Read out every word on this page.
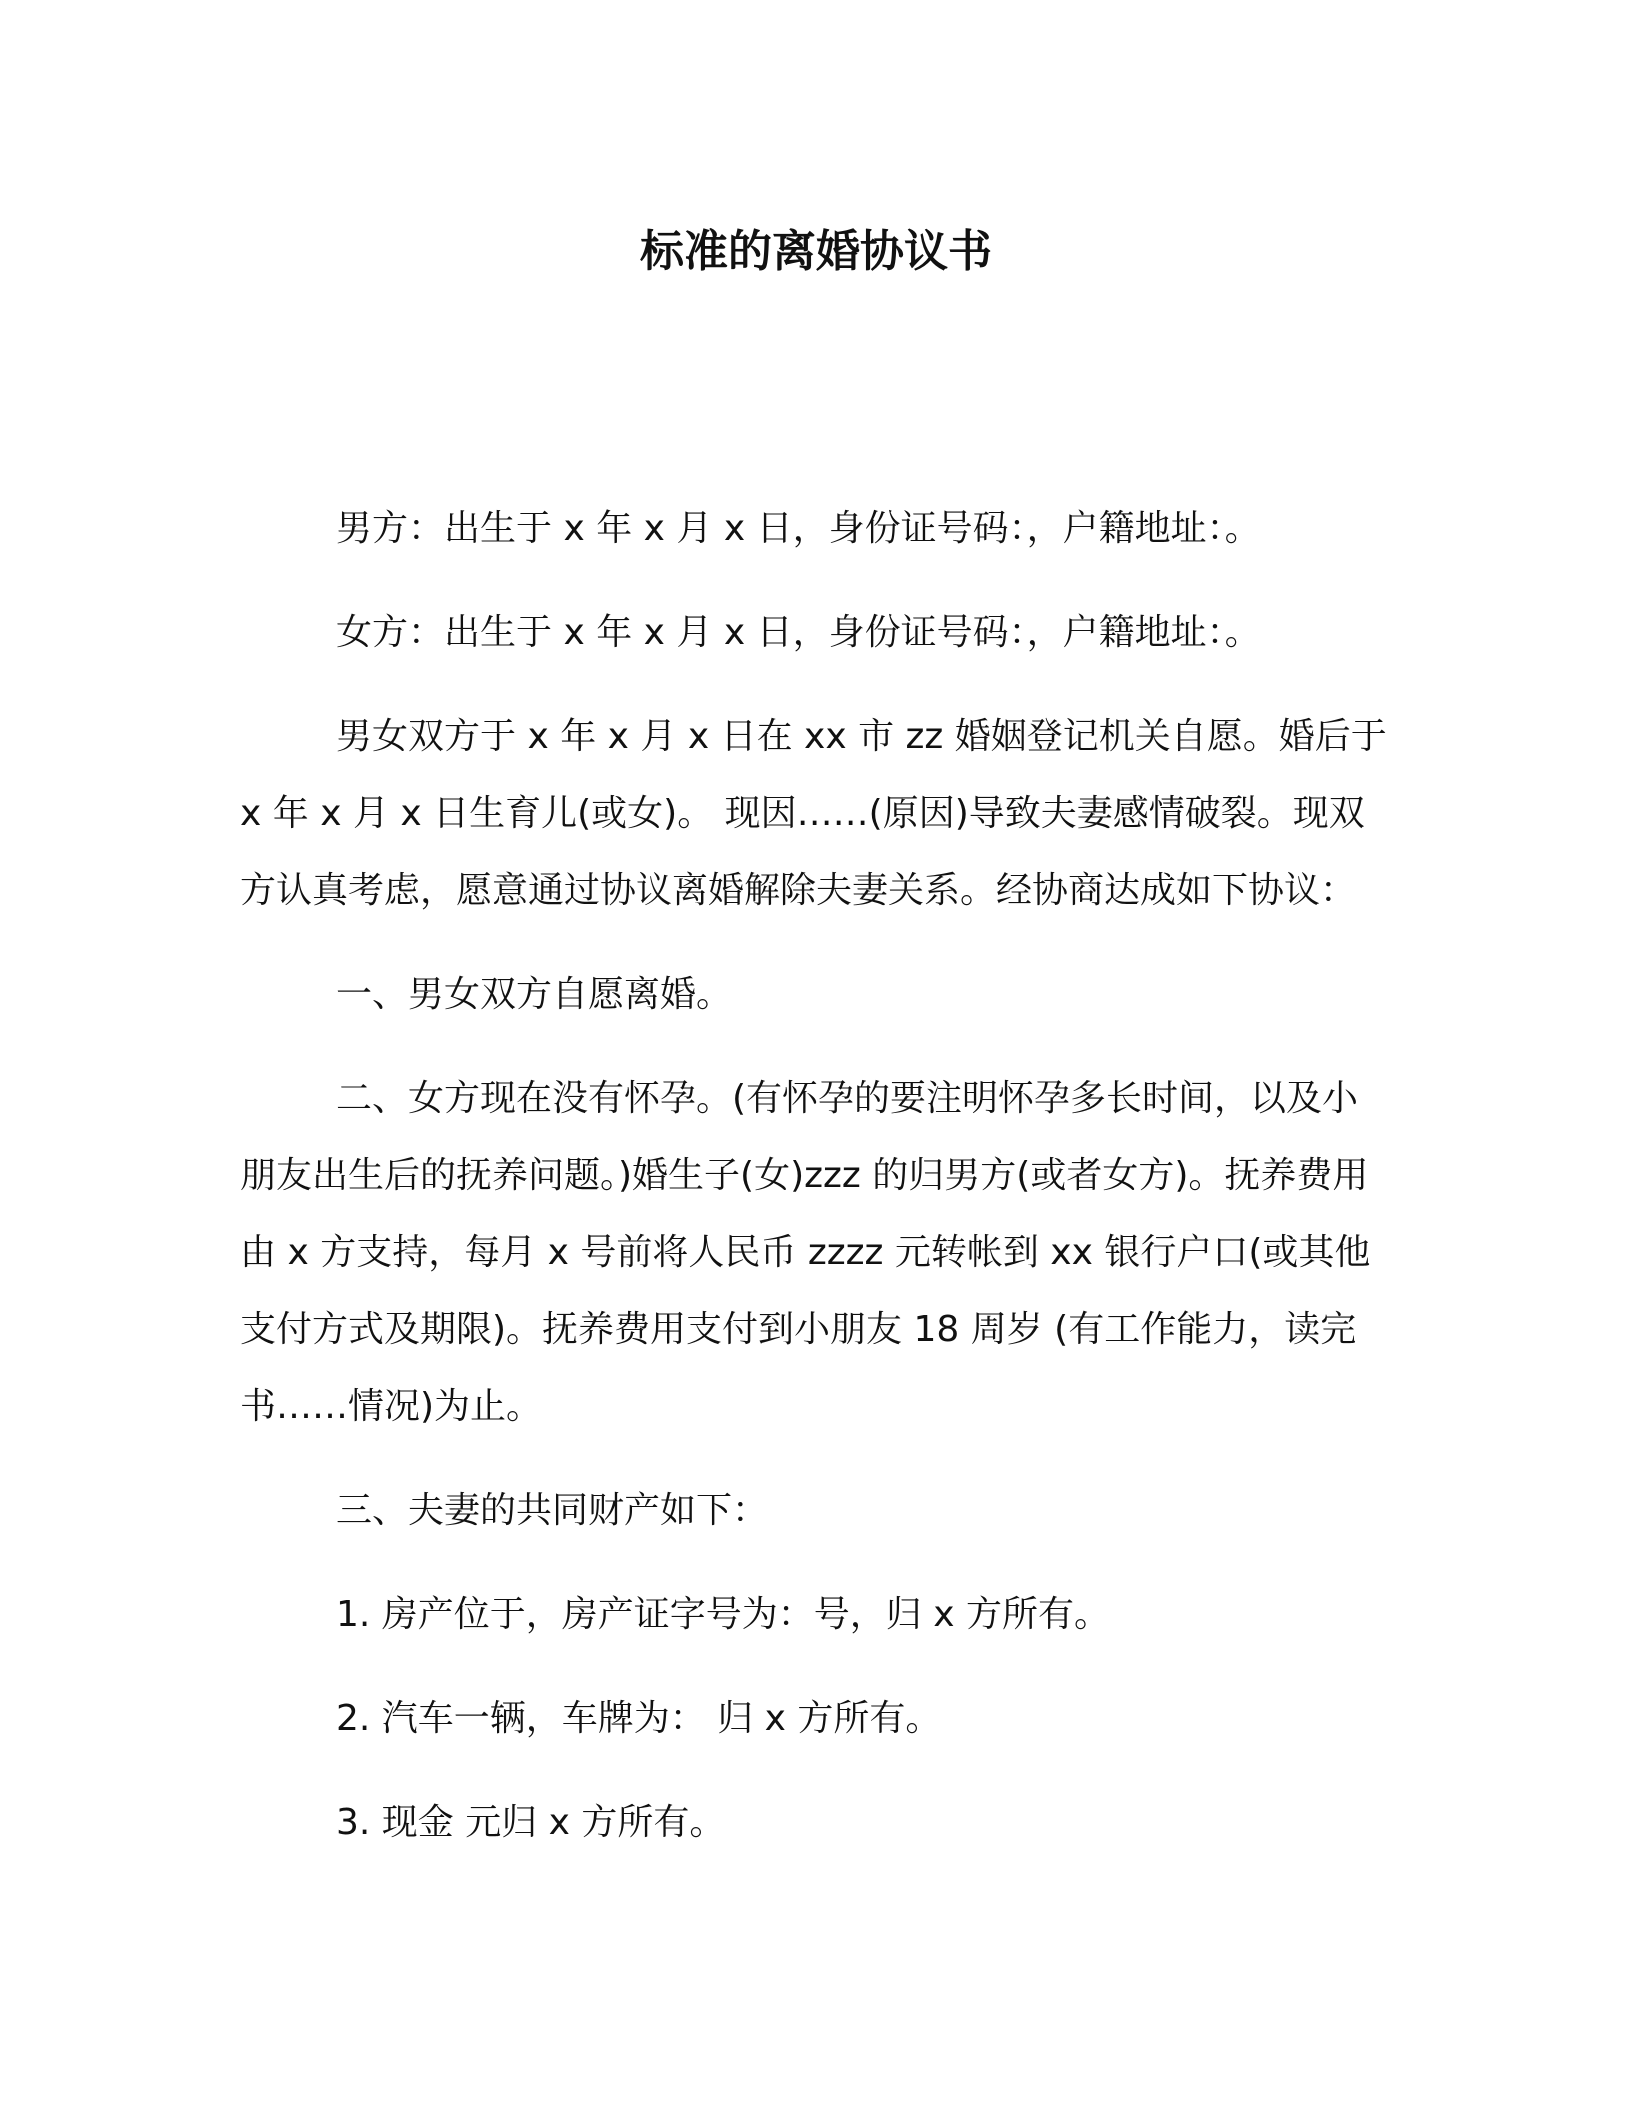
标准的离婚协议书

男方：出生于 x 年 x 月 x 日，身份证号码：，户籍地址：。

女方：出生于 x 年 x 月 x 日，身份证号码：，户籍地址：。

男女双方于 x 年 x 月 x 日在 xx 市 zz 婚姻登记机关自愿。婚后于 x 年 x 月 x 日生育儿(或女)。 现因……(原因)导致夫妻感情破裂。现双方认真考虑，愿意通过协议离婚解除夫妻关系。经协商达成如下协议：

一、男女双方自愿离婚。

二、女方现在没有怀孕。(有怀孕的要注明怀孕多长时间，以及小朋友出生后的抚养问题。)婚生子(女)zzz 的归男方(或者女方)。抚养费用由 x 方支持，每月 x 号前将人民币 zzzz 元转帐到 xx 银行户口(或其他支付方式及期限)。抚养费用支付到小朋友 18 周岁 (有工作能力，读完书……情况)为止。

三、夫妻的共同财产如下：

1. 房产位于，房产证字号为：号，归 x 方所有。

2. 汽车一辆，车牌为： 归 x 方所有。

3. 现金 元归 x 方所有。
